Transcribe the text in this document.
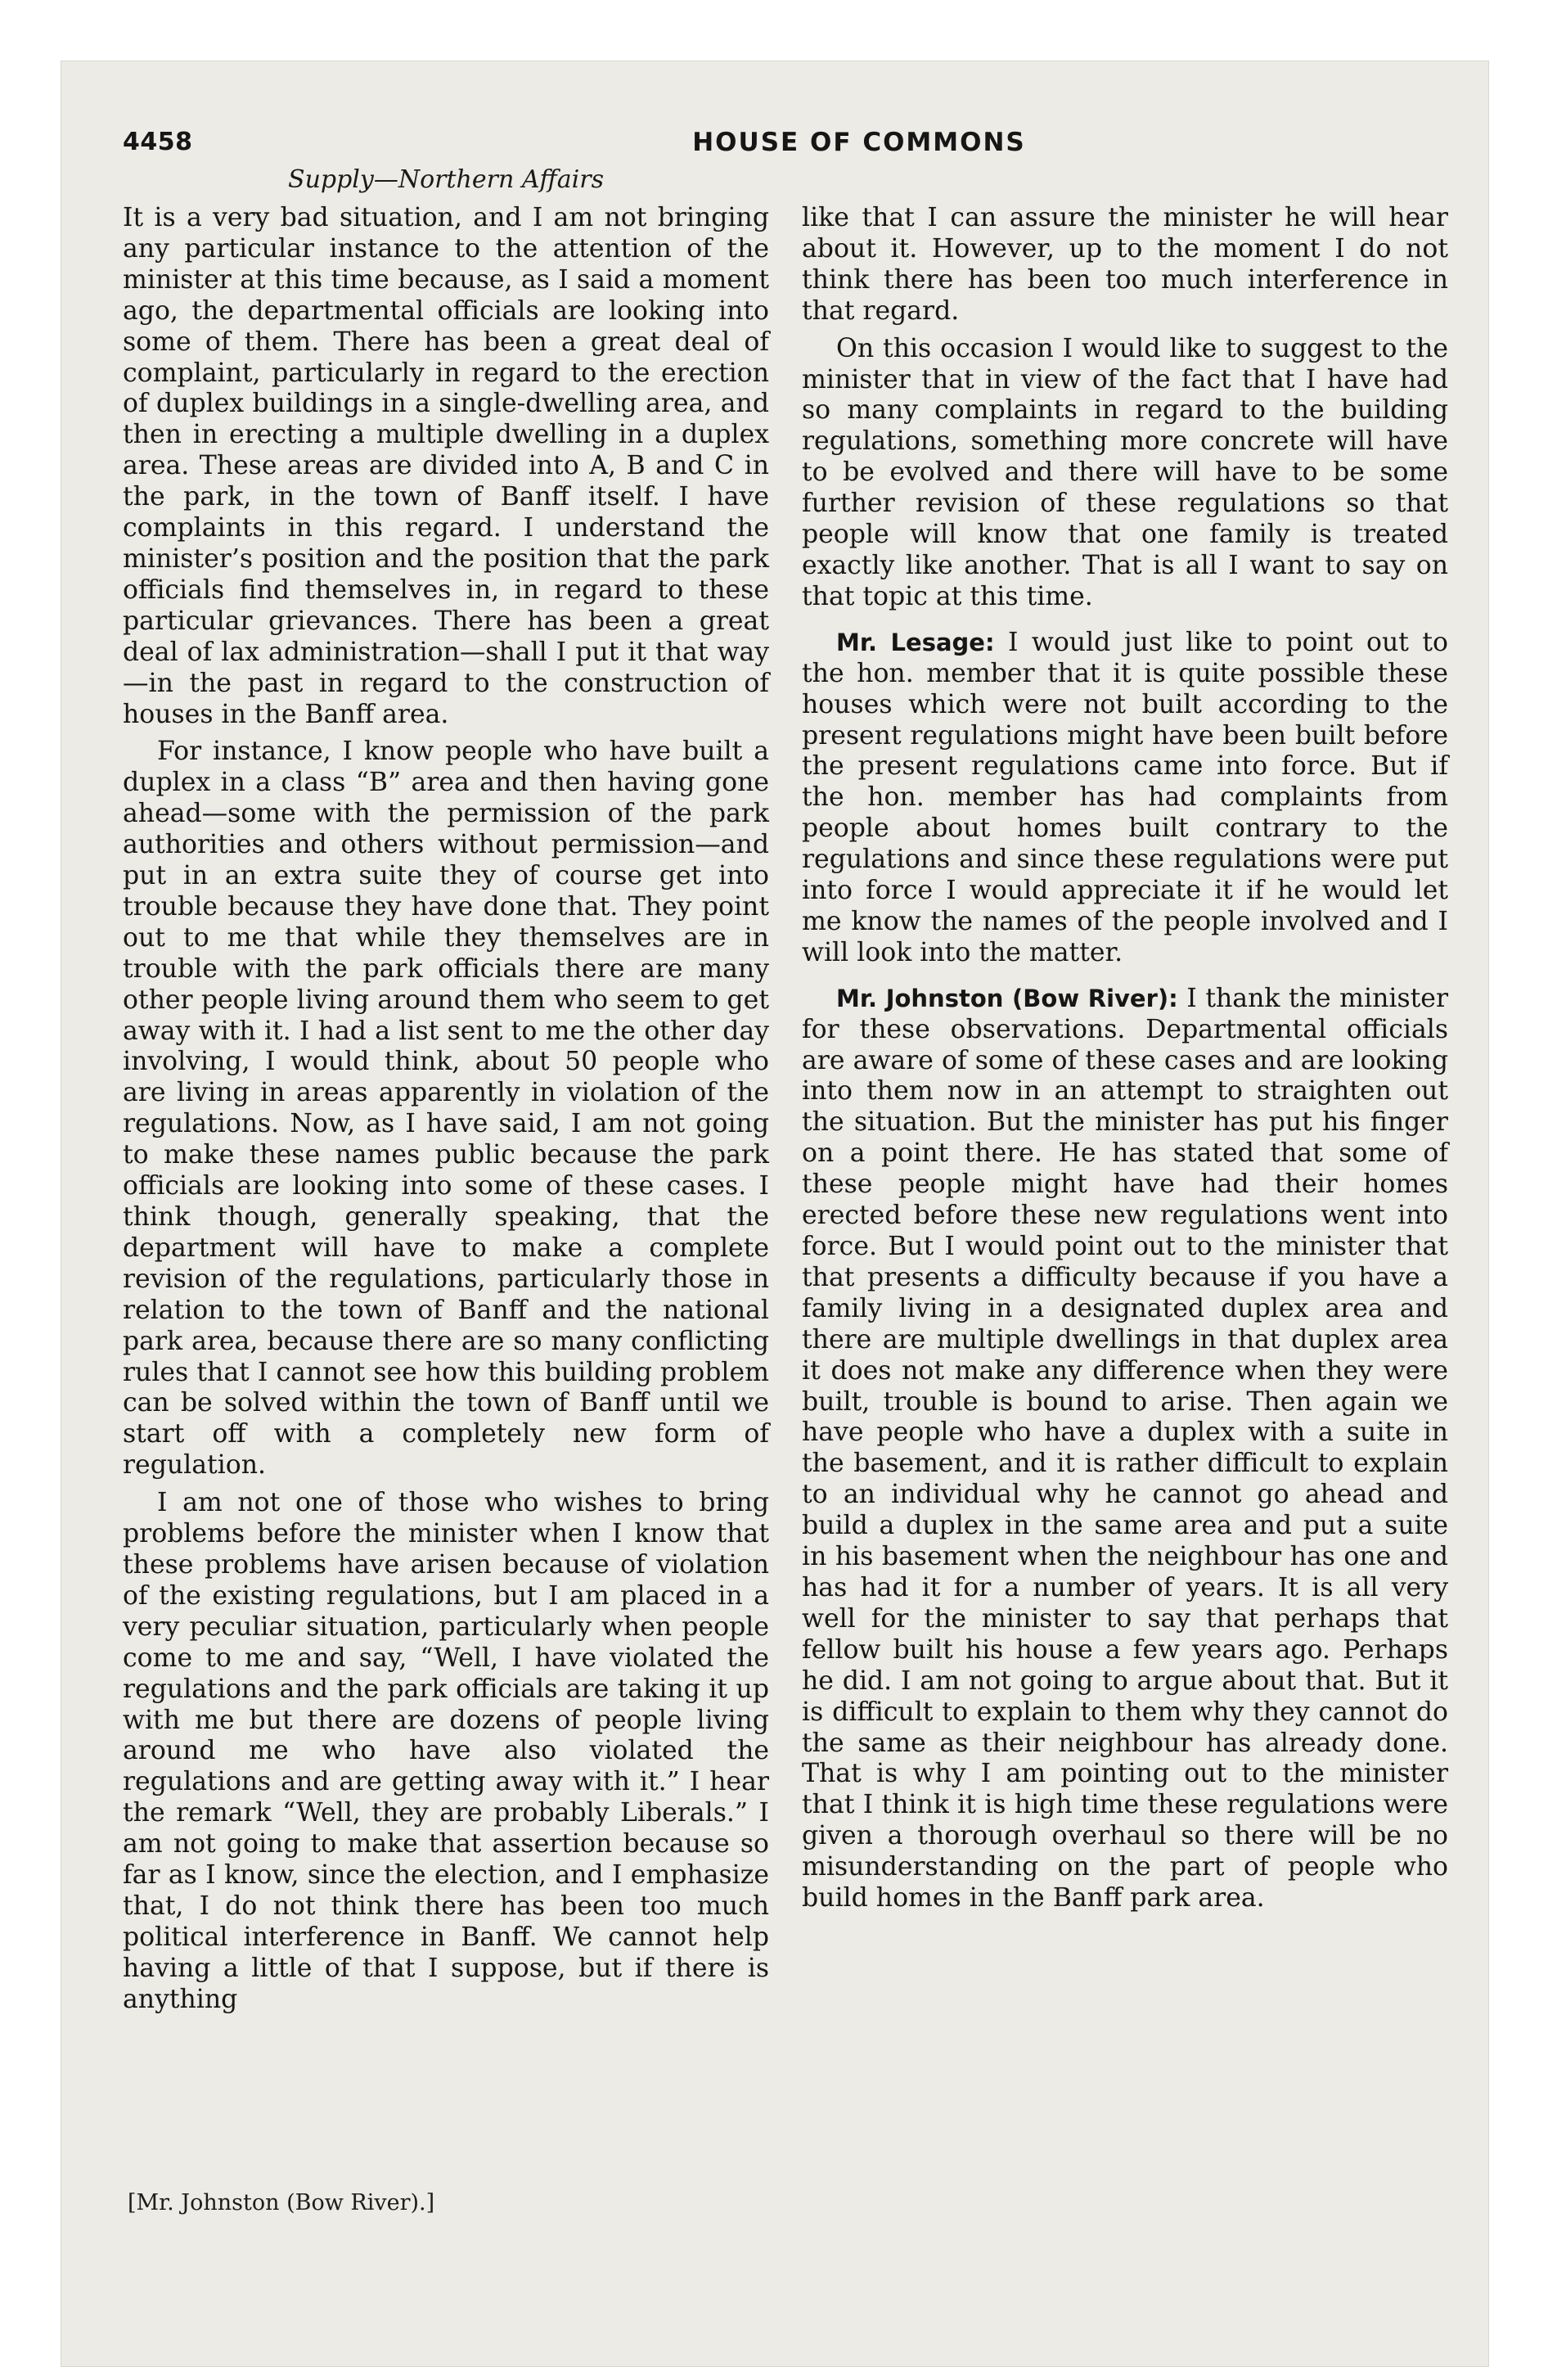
4458	HOUSE OF COMMONS
Supply—Northern Affairs

It is a very bad situation, and I am not bringing any particular instance to the attention of the minister at this time because, as I said a moment ago, the departmental officials are looking into some of them. There has been a great deal of complaint, particularly in regard to the erection of duplex buildings in a single-dwelling area, and then in erecting a multiple dwelling in a duplex area. These areas are divided into A, B and C in the park, in the town of Banff itself. I have complaints in this regard. I understand the minister’s position and the position that the park officials find themselves in, in regard to these particular grievances. There has been a great deal of lax administration—shall I put it that way—in the past in regard to the construction of houses in the Banff area.

For instance, I know people who have built a duplex in a class “B” area and then having gone ahead—some with the permission of the park authorities and others without permission—and put in an extra suite they of course get into trouble because they have done that. They point out to me that while they themselves are in trouble with the park officials there are many other people living around them who seem to get away with it. I had a list sent to me the other day involving, I would think, about 50 people who are living in areas apparently in violation of the regulations. Now, as I have said, I am not going to make these names public because the park officials are looking into some of these cases. I think though, generally speaking, that the department will have to make a complete revision of the regulations, particularly those in relation to the town of Banff and the national park area, because there are so many conflicting rules that I cannot see how this building problem can be solved within the town of Banff until we start off with a completely new form of regulation.

I am not one of those who wishes to bring problems before the minister when I know that these problems have arisen because of violation of the existing regulations, but I am placed in a very peculiar situation, particularly when people come to me and say, “Well, I have violated the regulations and the park officials are taking it up with me but there are dozens of people living around me who have also violated the regulations and are getting away with it.” I hear the remark “Well, they are probably Liberals.” I am not going to make that assertion because so far as I know, since the election, and I emphasize that, I do not think there has been too much political interference in Banff. We cannot help having a little of that I suppose, but if there is anything

like that I can assure the minister he will hear about it. However, up to the moment I do not think there has been too much interference in that regard.

On this occasion I would like to suggest to the minister that in view of the fact that I have had so many complaints in regard to the building regulations, something more concrete will have to be evolved and there will have to be some further revision of these regulations so that people will know that one family is treated exactly like another. That is all I want to say on that topic at this time.

Mr. Lesage: I would just like to point out to the hon. member that it is quite possible these houses which were not built according to the present regulations might have been built before the present regulations came into force. But if the hon. member has had complaints from people about homes built contrary to the regulations and since these regulations were put into force I would appreciate it if he would let me know the names of the people involved and I will look into the matter.

Mr. Johnston (Bow River): I thank the minister for these observations. Departmental officials are aware of some of these cases and are looking into them now in an attempt to straighten out the situation. But the minister has put his finger on a point there. He has stated that some of these people might have had their homes erected before these new regulations went into force. But I would point out to the minister that that presents a difficulty because if you have a family living in a designated duplex area and there are multiple dwellings in that duplex area it does not make any difference when they were built, trouble is bound to arise. Then again we have people who have a duplex with a suite in the basement, and it is rather difficult to explain to an individual why he cannot go ahead and build a duplex in the same area and put a suite in his basement when the neighbour has one and has had it for a number of years. It is all very well for the minister to say that perhaps that fellow built his house a few years ago. Perhaps he did. I am not going to argue about that. But it is difficult to explain to them why they cannot do the same as their neighbour has already done. That is why I am pointing out to the minister that I think it is high time these regulations were given a thorough overhaul so there will be no misunderstanding on the part of people who build homes in the Banff park area.

[Mr. Johnston (Bow River).]
